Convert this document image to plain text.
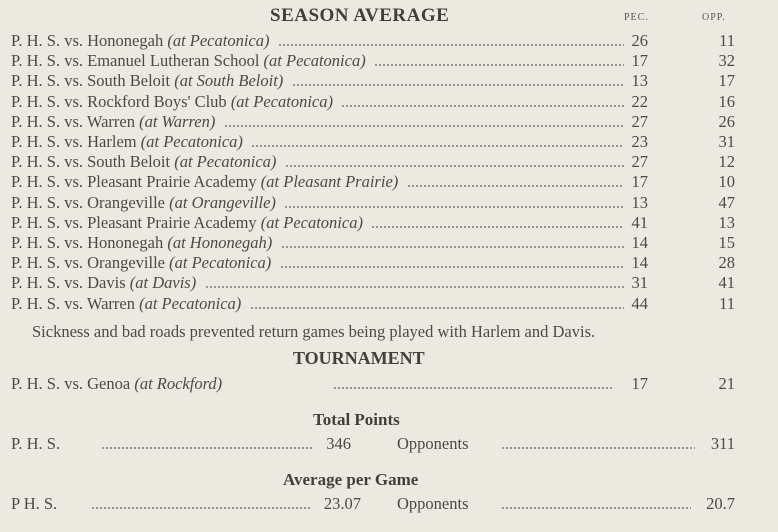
SEASON AVERAGE	PEC.	OPP.
P. H. S. vs. Hononegah (at Pecatonica)	26	11
P. H. S. vs. Emanuel Lutheran School (at Pecatonica)	17	32
P. H. S. vs. South Beloit (at South Beloit)	13	17
P. H. S. vs. Rockford Boys' Club (at Pecatonica)	22	16
P. H. S. vs. Warren (at Warren)	27	26
P. H. S. vs. Harlem (at Pecatonica)	23	31
P. H. S. vs. South Beloit (at Pecatonica)	27	12
P. H. S. vs. Pleasant Prairie Academy (at Pleasant Prairie)	17	10
P. H. S. vs. Orangeville (at Orangeville)	13	47
P. H. S. vs. Pleasant Prairie Academy (at Pecatonica)	41	13
P. H. S. vs. Hononegah (at Hononegah)	14	15
P. H. S. vs. Orangeville (at Pecatonica)	14	28
P. H. S. vs. Davis (at Davis)	31	41
P. H. S. vs. Warren (at Pecatonica)	44	11
Sickness and bad roads prevented return games being played with Harlem and Davis.
TOURNAMENT
P. H. S. vs. Genoa (at Rockford)	17	21
Total Points
P. H. S.	346	Opponents	311
Average per Game
P H. S.	23.07 Opponents	20.7
